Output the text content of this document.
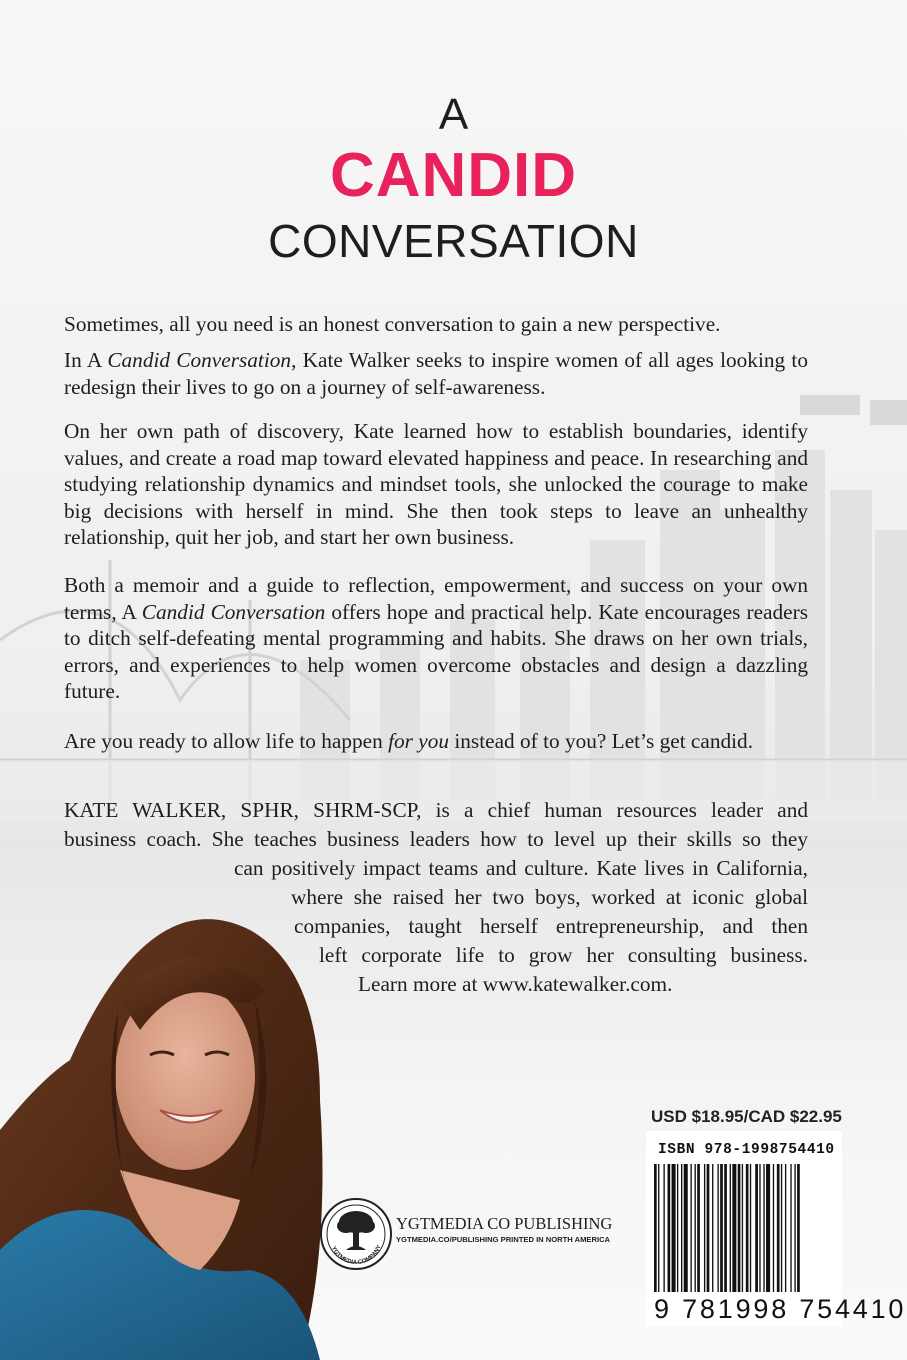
A
CANDID
CONVERSATION

Sometimes, all you need is an honest conversation to gain a new perspective.

In A Candid Conversation, Kate Walker seeks to inspire women of all ages looking to redesign their lives to go on a journey of self-awareness.

On her own path of discovery, Kate learned how to establish boundaries, identify values, and create a road map toward elevated happiness and peace. In researching and studying relationship dynamics and mindset tools, she unlocked the courage to make big decisions with herself in mind. She then took steps to leave an unhealthy relationship, quit her job, and start her own business.

Both a memoir and a guide to reflection, empowerment, and success on your own terms, A Candid Conversation offers hope and practical help. Kate encourages readers to ditch self-defeating mental programming and habits. She draws on her own trials, errors, and experiences to help women overcome obstacles and design a dazzling future.

Are you ready to allow life to happen for you instead of to you? Let’s get candid.

KATE WALKER, SPHR, SHRM-SCP, is a chief human resources leader and
business coach. She teaches business leaders how to level up their skills so they
can positively impact teams and culture. Kate lives in California,
where she raised her two boys, worked at iconic global
companies, taught herself entrepreneurship, and then
left corporate life to grow her consulting business.
Learn more at www.katewalker.com.
YGTMEDIA COMPANY
YGTMEDIA CO PUBLISHING
YGTMEDIA.CO/PUBLISHING PRINTED IN NORTH AMERICA
USD $18.95/CAD $22.95
ISBN 978-1998754410
9 781998 754410
